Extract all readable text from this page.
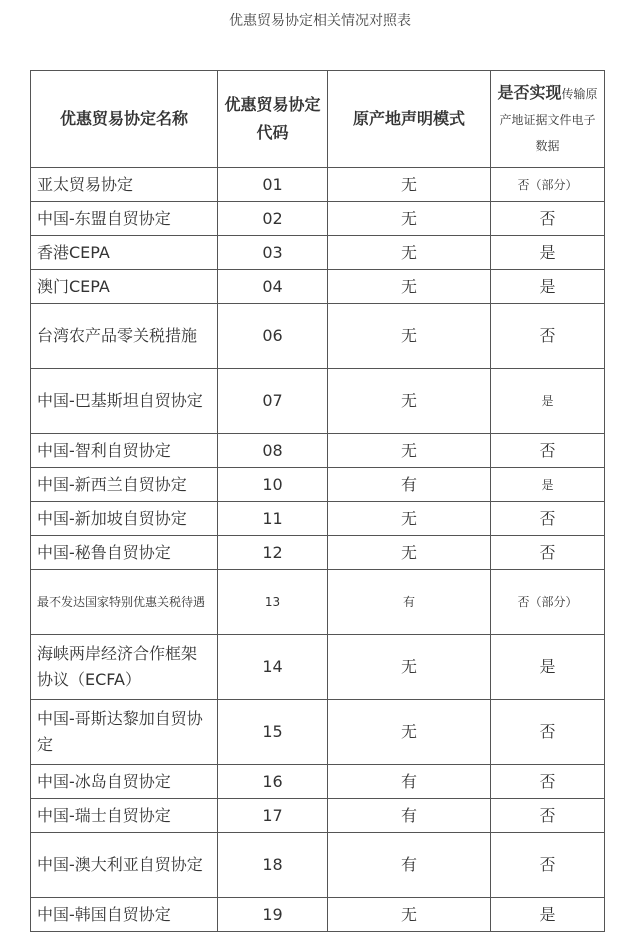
优惠贸易协定相关情况对照表
优惠贸易协定名称	优惠贸易协定代码	原产地声明模式	是否实现传输原产地证据文件电子数据
亚太贸易协定	01	无	否（部分）
中国-东盟自贸协定	02	无	否
香港CEPA	03	无	是
澳门CEPA	04	无	是
台湾农产品零关税措施	06	无	否
中国-巴基斯坦自贸协定	07	无	是
中国-智利自贸协定	08	无	否
中国-新西兰自贸协定	10	有	是
中国-新加坡自贸协定	11	无	否
中国-秘鲁自贸协定	12	无	否
最不发达国家特别优惠关税待遇	13	有	否（部分）
海峡两岸经济合作框架协议（ECFA）	14	无	是
中国-哥斯达黎加自贸协定	15	无	否
中国-冰岛自贸协定	16	有	否
中国-瑞士自贸协定	17	有	否
中国-澳大利亚自贸协定	18	有	否
中国-韩国自贸协定	19	无	是
